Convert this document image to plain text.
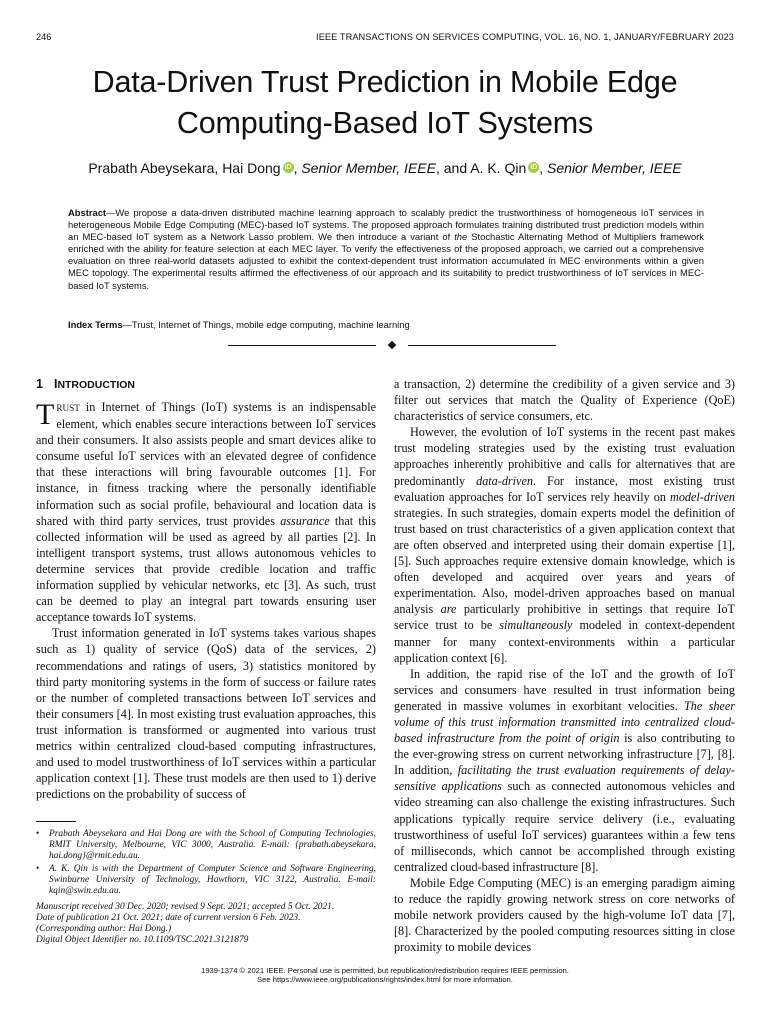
246	IEEE TRANSACTIONS ON SERVICES COMPUTING, VOL. 16, NO. 1, JANUARY/FEBRUARY 2023
Data-Driven Trust Prediction in Mobile Edge
Computing-Based IoT Systems
Prabath Abeysekara, Hai Dong iD , Senior Member, IEEE, and A. K. Qin iD , Senior Member, IEEE

Abstract—We propose a data-driven distributed machine learning approach to scalably predict the trustworthiness of homogeneous IoT services in heterogeneous Mobile Edge Computing (MEC)-based IoT systems. The proposed approach formulates training distributed trust prediction models within an MEC-based IoT system as a Network Lasso problem. We then introduce a variant of the Stochastic Alternating Method of Multipliers framework enriched with the ability for feature selection at each MEC layer. To verify the effectiveness of the proposed approach, we carried out a comprehensive evaluation on three real-world datasets adjusted to exhibit the context-dependent trust information accumulated in MEC environments within a given MEC topology. The experimental results affirmed the effectiveness of our approach and its suitability to predict trustworthiness of IoT services in MEC-based IoT systems.

Index Terms—Trust, Internet of Things, mobile edge computing, machine learning

1 INTRODUCTION

TRUST in Internet of Things (IoT) systems is an indispensable element, which enables secure interactions between IoT services and their consumers. It also assists people and smart devices alike to consume useful IoT services with an elevated degree of confidence that these interactions will bring favourable outcomes [1]. For instance, in fitness tracking where the personally identifiable information such as social profile, behavioural and location data is shared with third party services, trust provides assurance that this collected information will be used as agreed by all parties [2]. In intelligent transport systems, trust allows autonomous vehicles to determine services that provide credible location and traffic information supplied by vehicular networks, etc [3]. As such, trust can be deemed to play an integral part towards ensuring user acceptance towards IoT systems.

Trust information generated in IoT systems takes various shapes such as 1) quality of service (QoS) data of the services, 2) recommendations and ratings of users, 3) statistics monitored by third party monitoring systems in the form of success or failure rates or the number of completed transactions between IoT services and their consumers [4]. In most existing trust evaluation approaches, this trust information is transformed or augmented into various trust metrics within centralized cloud-based computing infrastructures, and used to model trustworthiness of IoT services within a particular application context [1]. These trust models are then used to 1) derive predictions on the probability of success of

a transaction, 2) determine the credibility of a given service and 3) filter out services that match the Quality of Experience (QoE) characteristics of service consumers, etc.

However, the evolution of IoT systems in the recent past makes trust modeling strategies used by the existing trust evaluation approaches inherently prohibitive and calls for alternatives that are predominantly data-driven. For instance, most existing trust evaluation approaches for IoT services rely heavily on model-driven strategies. In such strategies, domain experts model the definition of trust based on trust characteristics of a given application context that are often observed and interpreted using their domain expertise [1], [5]. Such approaches require extensive domain knowledge, which is often developed and acquired over years and years of experimentation. Also, model-driven approaches based on manual analysis are particularly prohibitive in settings that require IoT service trust to be simultaneously modeled in context-dependent manner for many context-environments within a particular application context [6].

In addition, the rapid rise of the IoT and the growth of IoT services and consumers have resulted in trust information being generated in massive volumes in exorbitant velocities. The sheer volume of this trust information transmitted into centralized cloud-based infrastructure from the point of origin is also contributing to the ever-growing stress on current networking infrastructure [7], [8]. In addition, facilitating the trust evaluation requirements of delay-sensitive applications such as connected autonomous vehicles and video streaming can also challenge the existing infrastructures. Such applications typically require service delivery (i.e., evaluating trustworthiness of useful IoT services) guarantees within a few tens of milliseconds, which cannot be accomplished through existing centralized cloud-based infrastructure [8].

Mobile Edge Computing (MEC) is an emerging paradigm aiming to reduce the rapidly growing network stress on core networks of mobile network providers caused by the high-volume IoT data [7], [8]. Characterized by the pooled computing resources sitting in close proximity to mobile devices

• Prabath Abeysekara and Hai Dong are with the School of Computing Technologies, RMIT University, Melbourne, VIC 3000, Australia. E-mail: {prabath.abeysekara, hai.dong}@rmit.edu.au.
• A. K. Qin is with the Department of Computer Science and Software Engineering, Swinburne University of Technology, Hawthorn, VIC 3122, Australia. E-mail: kqin@swin.edu.au.
Manuscript received 30 Dec. 2020; revised 9 Sept. 2021; accepted 5 Oct. 2021.
Date of publication 21 Oct. 2021; date of current version 6 Feb. 2023.
(Corresponding author: Hai Dong.)
Digital Object Identifier no. 10.1109/TSC.2021.3121879
1939-1374 © 2021 IEEE. Personal use is permitted, but republication/redistribution requires IEEE permission.
See https://www.ieee.org/publications/rights/index.html for more information.
